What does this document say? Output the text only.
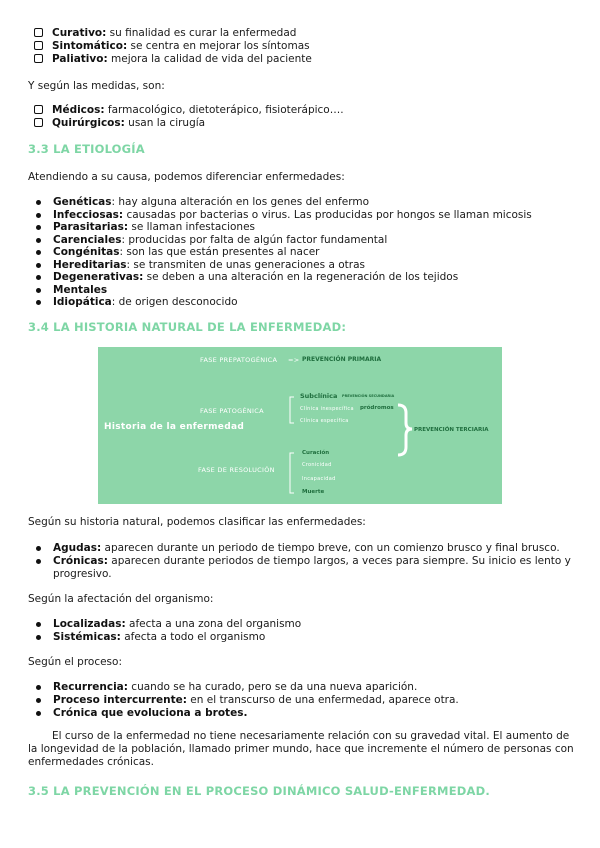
Curativo: su finalidad es curar la enfermedad
Sintomático: se centra en mejorar los síntomas
Paliativo: mejora la calidad de vida del paciente

Y según las medidas, son:

Médicos: farmacológico, dietoterápico, fisioterápico….
Quirúrgicos: usan la cirugía
3.3 LA ETIOLOGÍA

Atendiendo a su causa, podemos diferenciar enfermedades:

Genéticas: hay alguna alteración en los genes del enfermo
Infecciosas: causadas por bacterias o virus. Las producidas por hongos se llaman micosis
Parasitarias: se llaman infestaciones
Carenciales: producidas por falta de algún factor fundamental
Congénitas: son las que están presentes al nacer
Hereditarias: se transmiten de unas generaciones a otras
Degenerativas: se deben a una alteración en la regeneración de los tejidos
Mentales
Idiopática: de origen desconocido
3.4 LA HISTORIA NATURAL DE LA ENFERMEDAD:
Historia de la enfermedad
FASE PREPATOGÉNICA => PREVENCIÓN PRIMARIA
FASE PATOGÉNICA
Subclínica PREVENCIÓN SECUNDARIA
Clínica inespecífica pródromos
Clínica específica
PREVENCIÓN TERCIARIA
FASE DE RESOLUCIÓN
Curación
Cronicidad
Incapacidad
Muerte

Según su historia natural, podemos clasificar las enfermedades:

Agudas: aparecen durante un periodo de tiempo breve, con un comienzo brusco y final brusco.
Crónicas: aparecen durante periodos de tiempo largos, a veces para siempre. Su inicio es lento y progresivo.

Según la afectación del organismo:

Localizadas: afecta a una zona del organismo
Sistémicas: afecta a todo el organismo

Según el proceso:

Recurrencia: cuando se ha curado, pero se da una nueva aparición.
Proceso intercurrente: en el transcurso de una enfermedad, aparece otra.
Crónica que evoluciona a brotes.

El curso de la enfermedad no tiene necesariamente relación con su gravedad vital. El aumento de la longevidad de la población, llamado primer mundo, hace que incremente el número de personas con enfermedades crónicas.

3.5 LA PREVENCIÓN EN EL PROCESO DINÁMICO SALUD-ENFERMEDAD.
